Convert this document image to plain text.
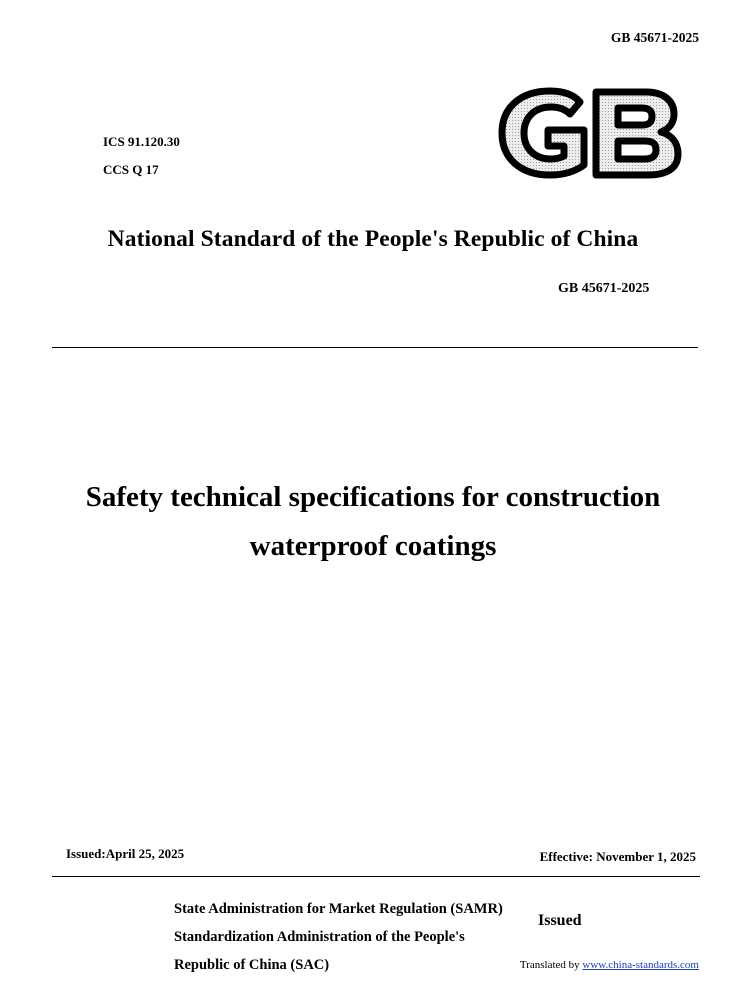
GB 45671-2025
ICS 91.120.30
CCS Q 17
National Standard of the People's Republic of China
GB 45671-2025
Safety technical specifications for construction
waterproof coatings
Issued:April 25, 2025	Effective: November 1, 2025
State Administration for Market Regulation (SAMR)
Standardization Administration of the People's
Republic of China (SAC)
Issued
Translated by www.china-standards.com
